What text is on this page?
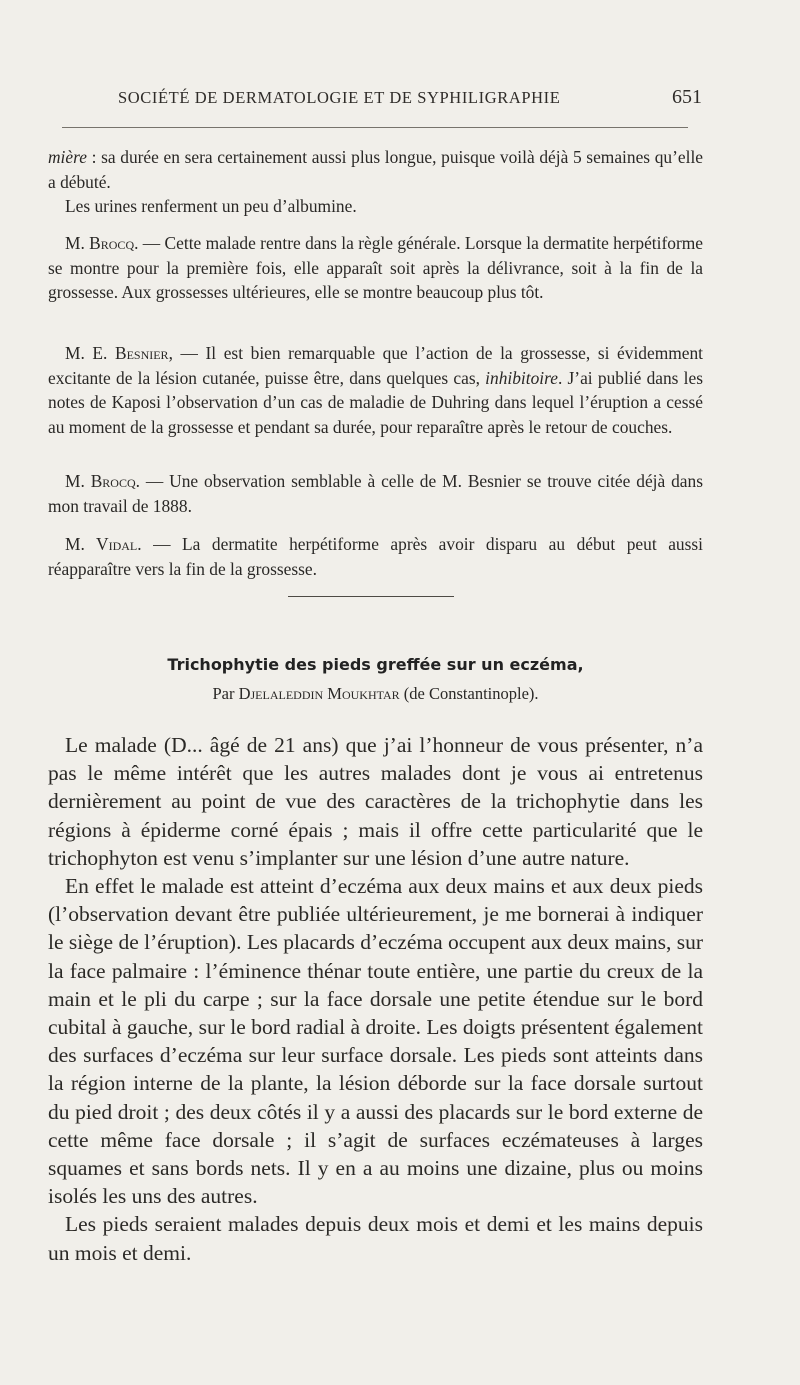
SOCIÉTÉ DE DERMATOLOGIE ET DE SYPHILIGRAPHIE	651

mière : sa durée en sera certainement aussi plus longue, puisque voilà déjà 5 semaines qu’elle a débuté.

Les urines renferment un peu d’albumine.

M. Brocq. — Cette malade rentre dans la règle générale. Lorsque la dermatite herpétiforme se montre pour la première fois, elle apparaît soit après la délivrance, soit à la fin de la grossesse. Aux grossesses ultérieures, elle se montre beaucoup plus tôt.

M. E. Besnier, — Il est bien remarquable que l’action de la grossesse, si évidemment excitante de la lésion cutanée, puisse être, dans quelques cas, inhibitoire. J’ai publié dans les notes de Kaposi l’observation d’un cas de maladie de Duhring dans lequel l’éruption a cessé au moment de la grossesse et pendant sa durée, pour reparaître après le retour de couches.

M. Brocq. — Une observation semblable à celle de M. Besnier se trouve citée déjà dans mon travail de 1888.

M. Vidal. — La dermatite herpétiforme après avoir disparu au début peut aussi réapparaître vers la fin de la grossesse.

Trichophytie des pieds greffée sur un eczéma,
Par Djelaleddin Moukhtar (de Constantinople).

Le malade (D... âgé de 21 ans) que j’ai l’honneur de vous présenter, n’a pas le même intérêt que les autres malades dont je vous ai entretenus dernièrement au point de vue des caractères de la trichophytie dans les régions à épiderme corné épais ; mais il offre cette particularité que le trichophyton est venu s’implanter sur une lésion d’une autre nature.

En effet le malade est atteint d’eczéma aux deux mains et aux deux pieds (l’observation devant être publiée ultérieurement, je me bornerai à indiquer le siège de l’éruption). Les placards d’eczéma occupent aux deux mains, sur la face palmaire : l’éminence thénar toute entière, une partie du creux de la main et le pli du carpe ; sur la face dorsale une petite étendue sur le bord cubital à gauche, sur le bord radial à droite. Les doigts présentent également des surfaces d’eczéma sur leur surface dorsale. Les pieds sont atteints dans la région interne de la plante, la lésion déborde sur la face dorsale surtout du pied droit ; des deux côtés il y a aussi des placards sur le bord externe de cette même face dorsale ; il s’agit de surfaces eczémateuses à larges squames et sans bords nets. Il y en a au moins une dizaine, plus ou moins isolés les uns des autres.

Les pieds seraient malades depuis deux mois et demi et les mains depuis un mois et demi.
